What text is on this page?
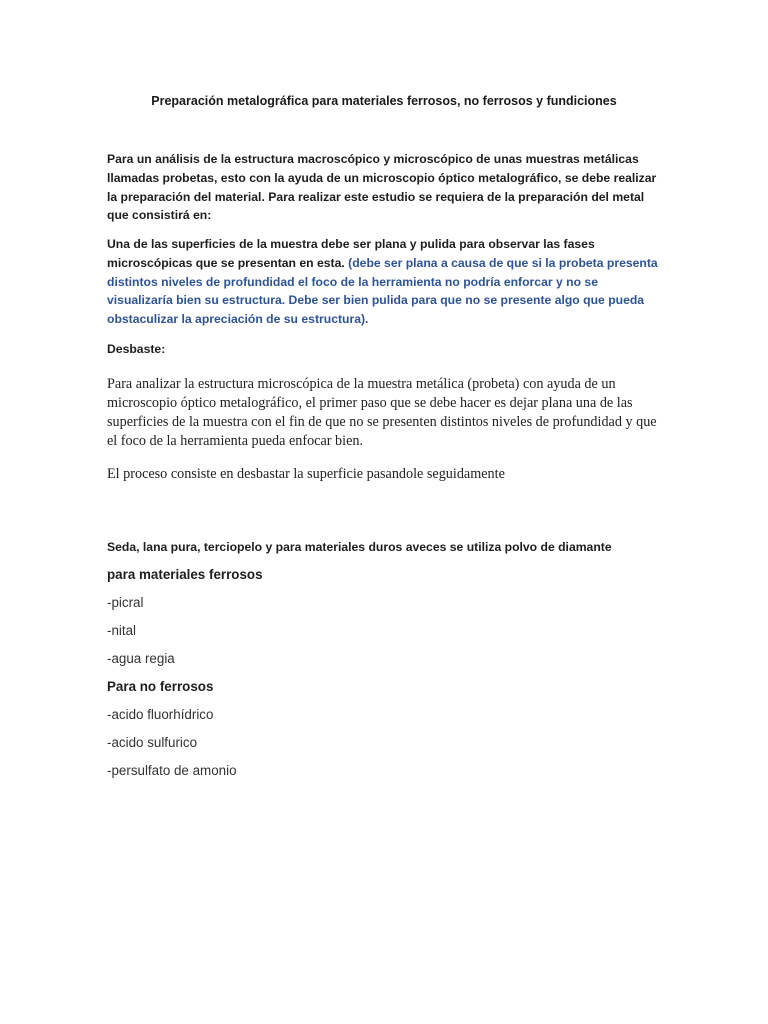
Preparación metalográfica para materiales ferrosos, no ferrosos y fundiciones

Para un análisis de la estructura macroscópico y microscópico de unas muestras metálicas llamadas probetas, esto con la ayuda de un microscopio óptico metalográfico, se debe realizar la preparación del material. Para realizar este estudio se requiera de la preparación del metal que consistirá en:

Una de las superficies de la muestra debe ser plana y pulida para observar las fases microscópicas que se presentan en esta. (debe ser plana a causa de que si la probeta presenta distintos niveles de profundidad el foco de la herramienta no podría enforcar y no se visualizaría bien su estructura. Debe ser bien pulida para que no se presente algo que pueda obstaculizar la apreciación de su estructura).

Desbaste:

Para analizar la estructura microscópica de la muestra metálica (probeta) con ayuda de un microscopio óptico metalográfico, el primer paso que se debe hacer es dejar plana una de las superficies de la muestra con el fin de que no se presenten distintos niveles de profundidad y que el foco de la herramienta pueda enfocar bien.

El proceso consiste en desbastar la superficie pasandole seguidamente

Seda, lana pura, terciopelo y para materiales duros aveces se utiliza polvo de diamante

para materiales ferrosos

-picral

-nital

-agua regia

Para no ferrosos

-acido fluorhídrico

-acido sulfurico

-persulfato de amonio
